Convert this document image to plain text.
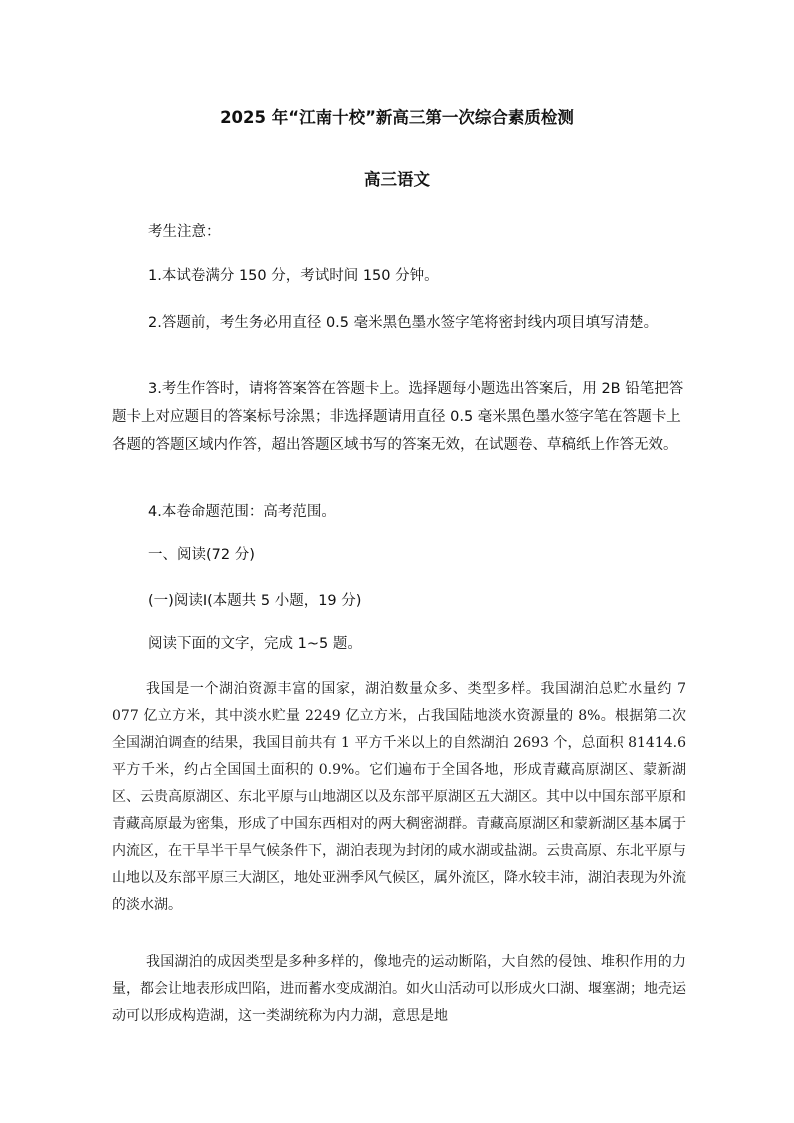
2025 年“江南十校”新高三第一次综合素质检测
高三语文

考生注意：

1.本试卷满分 150 分，考试时间 150 分钟。

2.答题前，考生务必用直径 0.5 毫米黑色墨水签字笔将密封线内项目填写清楚。

3.考生作答时，请将答案答在答题卡上。选择题每小题选出答案后，用 2B 铅笔把答题卡上对应题目的答案标号涂黑；非选择题请用直径 0.5 毫米黑色墨水签字笔在答题卡上各题的答题区域内作答，超出答题区域书写的答案无效，在试题卷、草稿纸上作答无效。

4.本卷命题范围：高考范围。

一、阅读(72 分)

(一)阅读Ⅰ(本题共 5 小题，19 分)

阅读下面的文字，完成 1~5 题。

我国是一个湖泊资源丰富的国家，湖泊数量众多、类型多样。我国湖泊总贮水量约 7 077 亿立方米，其中淡水贮量 2249 亿立方米，占我国陆地淡水资源量的 8%。根据第二次全国湖泊调查的结果，我国目前共有 1 平方千米以上的自然湖泊 2693 个，总面积 81414.6 平方千米，约占全国国土面积的 0.9%。它们遍布于全国各地，形成青藏高原湖区、蒙新湖区、云贵高原湖区、东北平原与山地湖区以及东部平原湖区五大湖区。其中以中国东部平原和青藏高原最为密集，形成了中国东西相对的两大稠密湖群。青藏高原湖区和蒙新湖区基本属于内流区，在干旱半干旱气候条件下，湖泊表现为封闭的咸水湖或盐湖。云贵高原、东北平原与山地以及东部平原三大湖区，地处亚洲季风气候区，属外流区，降水较丰沛，湖泊表现为外流的淡水湖。

我国湖泊的成因类型是多种多样的，像地壳的运动断陷，大自然的侵蚀、堆积作用的力量，都会让地表形成凹陷，进而蓄水变成湖泊。如火山活动可以形成火口湖、堰塞湖；地壳运动可以形成构造湖，这一类湖统称为内力湖，意思是地
